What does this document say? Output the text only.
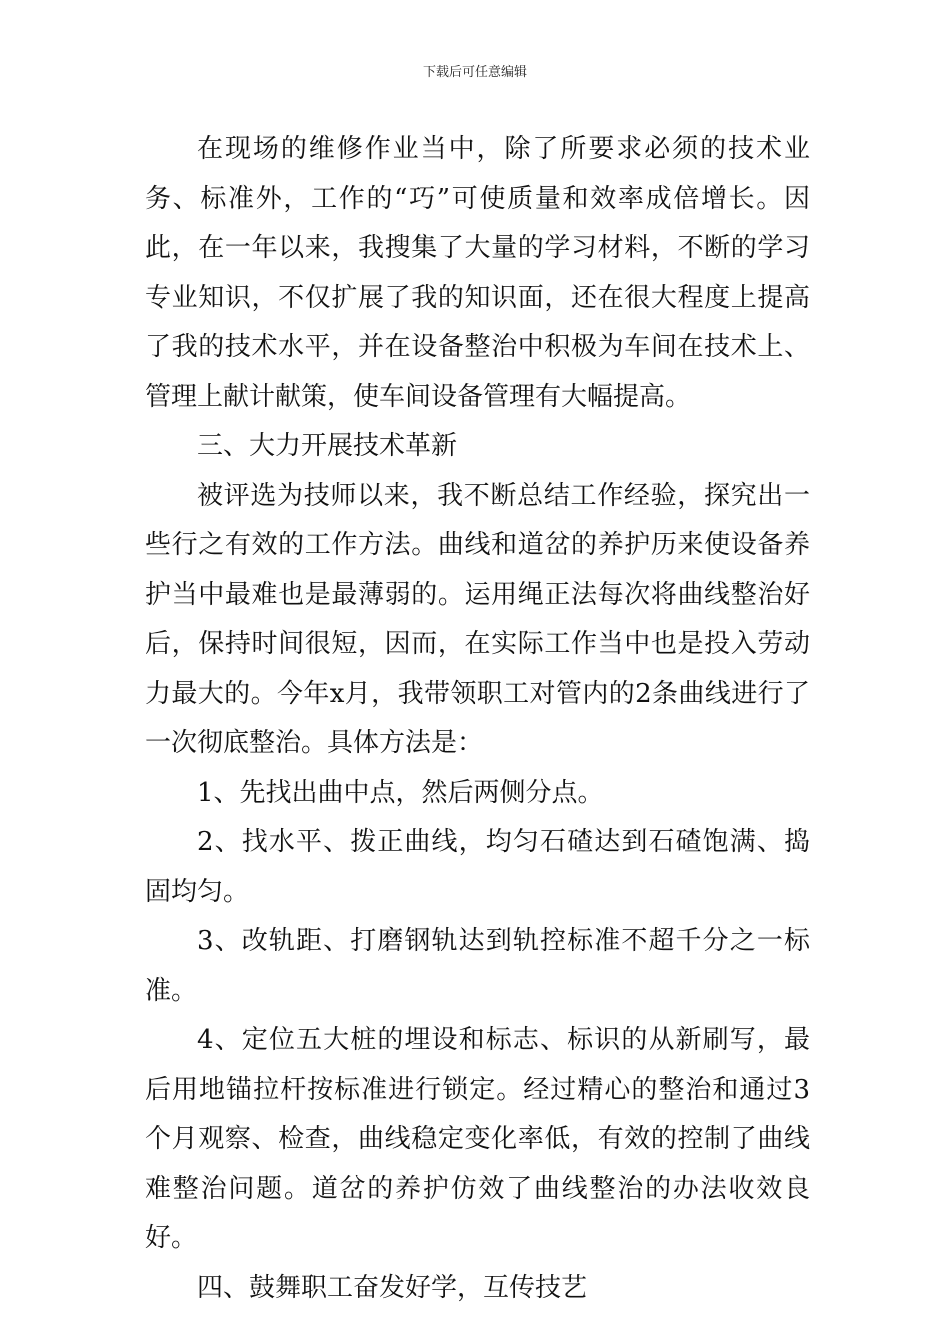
下载后可任意编辑

在现场的维修作业当中，除了所要求必须的技术业务、标准外，工作的“巧”可使质量和效率成倍增长。因此，在一年以来，我搜集了大量的学习材料，不断的学习专业知识，不仅扩展了我的知识面，还在很大程度上提高了我的技术水平，并在设备整治中积极为车间在技术上、管理上献计献策，使车间设备管理有大幅提高。

三、大力开展技术革新

被评选为技师以来，我不断总结工作经验，探究出一些行之有效的工作方法。曲线和道岔的养护历来使设备养护当中最难也是最薄弱的。运用绳正法每次将曲线整治好后，保持时间很短，因而，在实际工作当中也是投入劳动力最大的。今年x月，我带领职工对管内的2条曲线进行了一次彻底整治。具体方法是：

1、先找出曲中点，然后两侧分点。

2、找水平、拨正曲线，均匀石碴达到石碴饱满、捣固均匀。

3、改轨距、打磨钢轨达到轨控标准不超千分之一标准。

4、定位五大桩的埋设和标志、标识的从新刷写，最后用地锚拉杆按标准进行锁定。经过精心的整治和通过3个月观察、检查，曲线稳定变化率低，有效的控制了曲线难整治问题。道岔的养护仿效了曲线整治的办法收效良好。

四、鼓舞职工奋发好学，互传技艺
